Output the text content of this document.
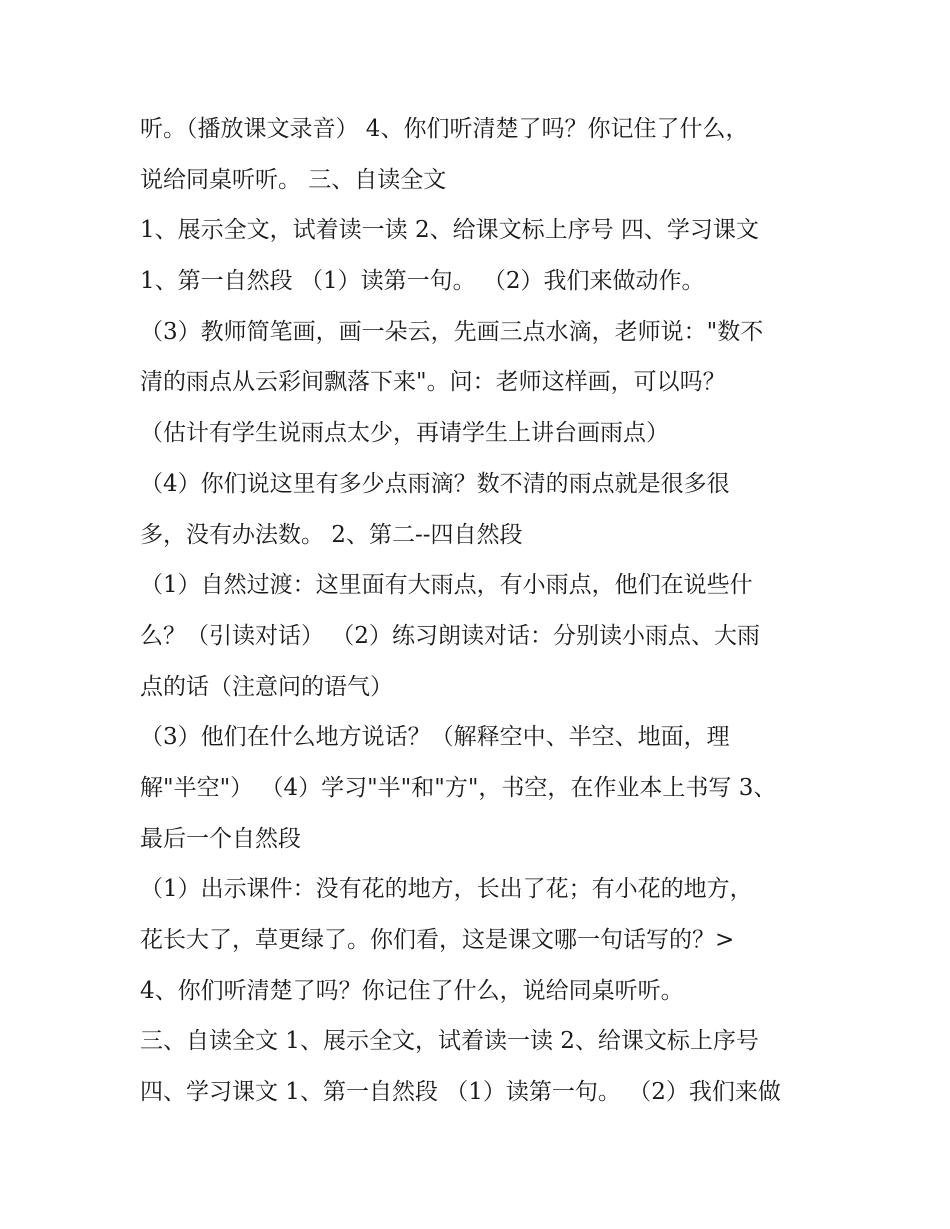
听。（播放课文录音） 4、你们听清楚了吗？你记住了什么，
说给同桌听听。 三、自读全文
1、展示全文，试着读一读 2、给课文标上序号 四、学习课文
1、第一自然段 （1）读第一句。 （2）我们来做动作。
（3）教师简笔画，画一朵云，先画三点水滴，老师说："数不
清的雨点从云彩间飘落下来"。问：老师这样画，可以吗？
（估计有学生说雨点太少，再请学生上讲台画雨点）
（4）你们说这里有多少点雨滴？数不清的雨点就是很多很
多，没有办法数。 2、第二--四自然段
（1）自然过渡：这里面有大雨点，有小雨点，他们在说些什
么？（引读对话） （2）练习朗读对话：分别读小雨点、大雨
点的话（注意问的语气）
（3）他们在什么地方说话？（解释空中、半空、地面，理
解"半空"） （4）学习"半"和"方"，书空，在作业本上书写 3、
最后一个自然段
（1）出示课件：没有花的地方，长出了花；有小花的地方，
花长大了，草更绿了。你们看，这是课文哪一句话写的？>
4、你们听清楚了吗？你记住了什么，说给同桌听听。
三、自读全文 1、展示全文，试着读一读 2、给课文标上序号
四、学习课文 1、第一自然段 （1）读第一句。 （2）我们来做
